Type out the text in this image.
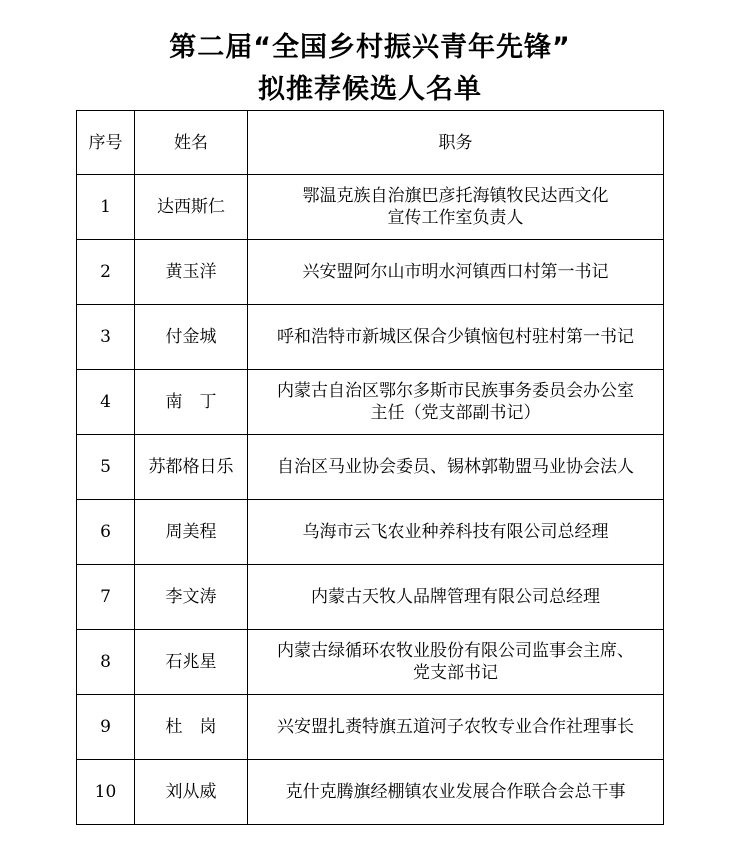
第二届“全国乡村振兴青年先锋”
拟推荐候选人名单
序号	姓名	职务
1	达西斯仁	鄂温克族自治旗巴彦托海镇牧民达西文化
宣传工作室负责人

2	黄玉洋	兴安盟阿尔山市明水河镇西口村第一书记

3	付金城	呼和浩特市新城区保合少镇恼包村驻村第一书记

4	南　丁	内蒙古自治区鄂尔多斯市民族事务委员会办公室
主任（党支部副书记）

5	苏都格日乐	自治区马业协会委员、锡林郭勒盟马业协会法人

6	周美程	乌海市云飞农业种养科技有限公司总经理

7	李文涛	内蒙古天牧人品牌管理有限公司总经理

8	石兆星	内蒙古绿循环农牧业股份有限公司监事会主席、
党支部书记

9	杜　岗	兴安盟扎赉特旗五道河子农牧专业合作社理事长

10	刘从威	克什克腾旗经棚镇农业发展合作联合会总干事
